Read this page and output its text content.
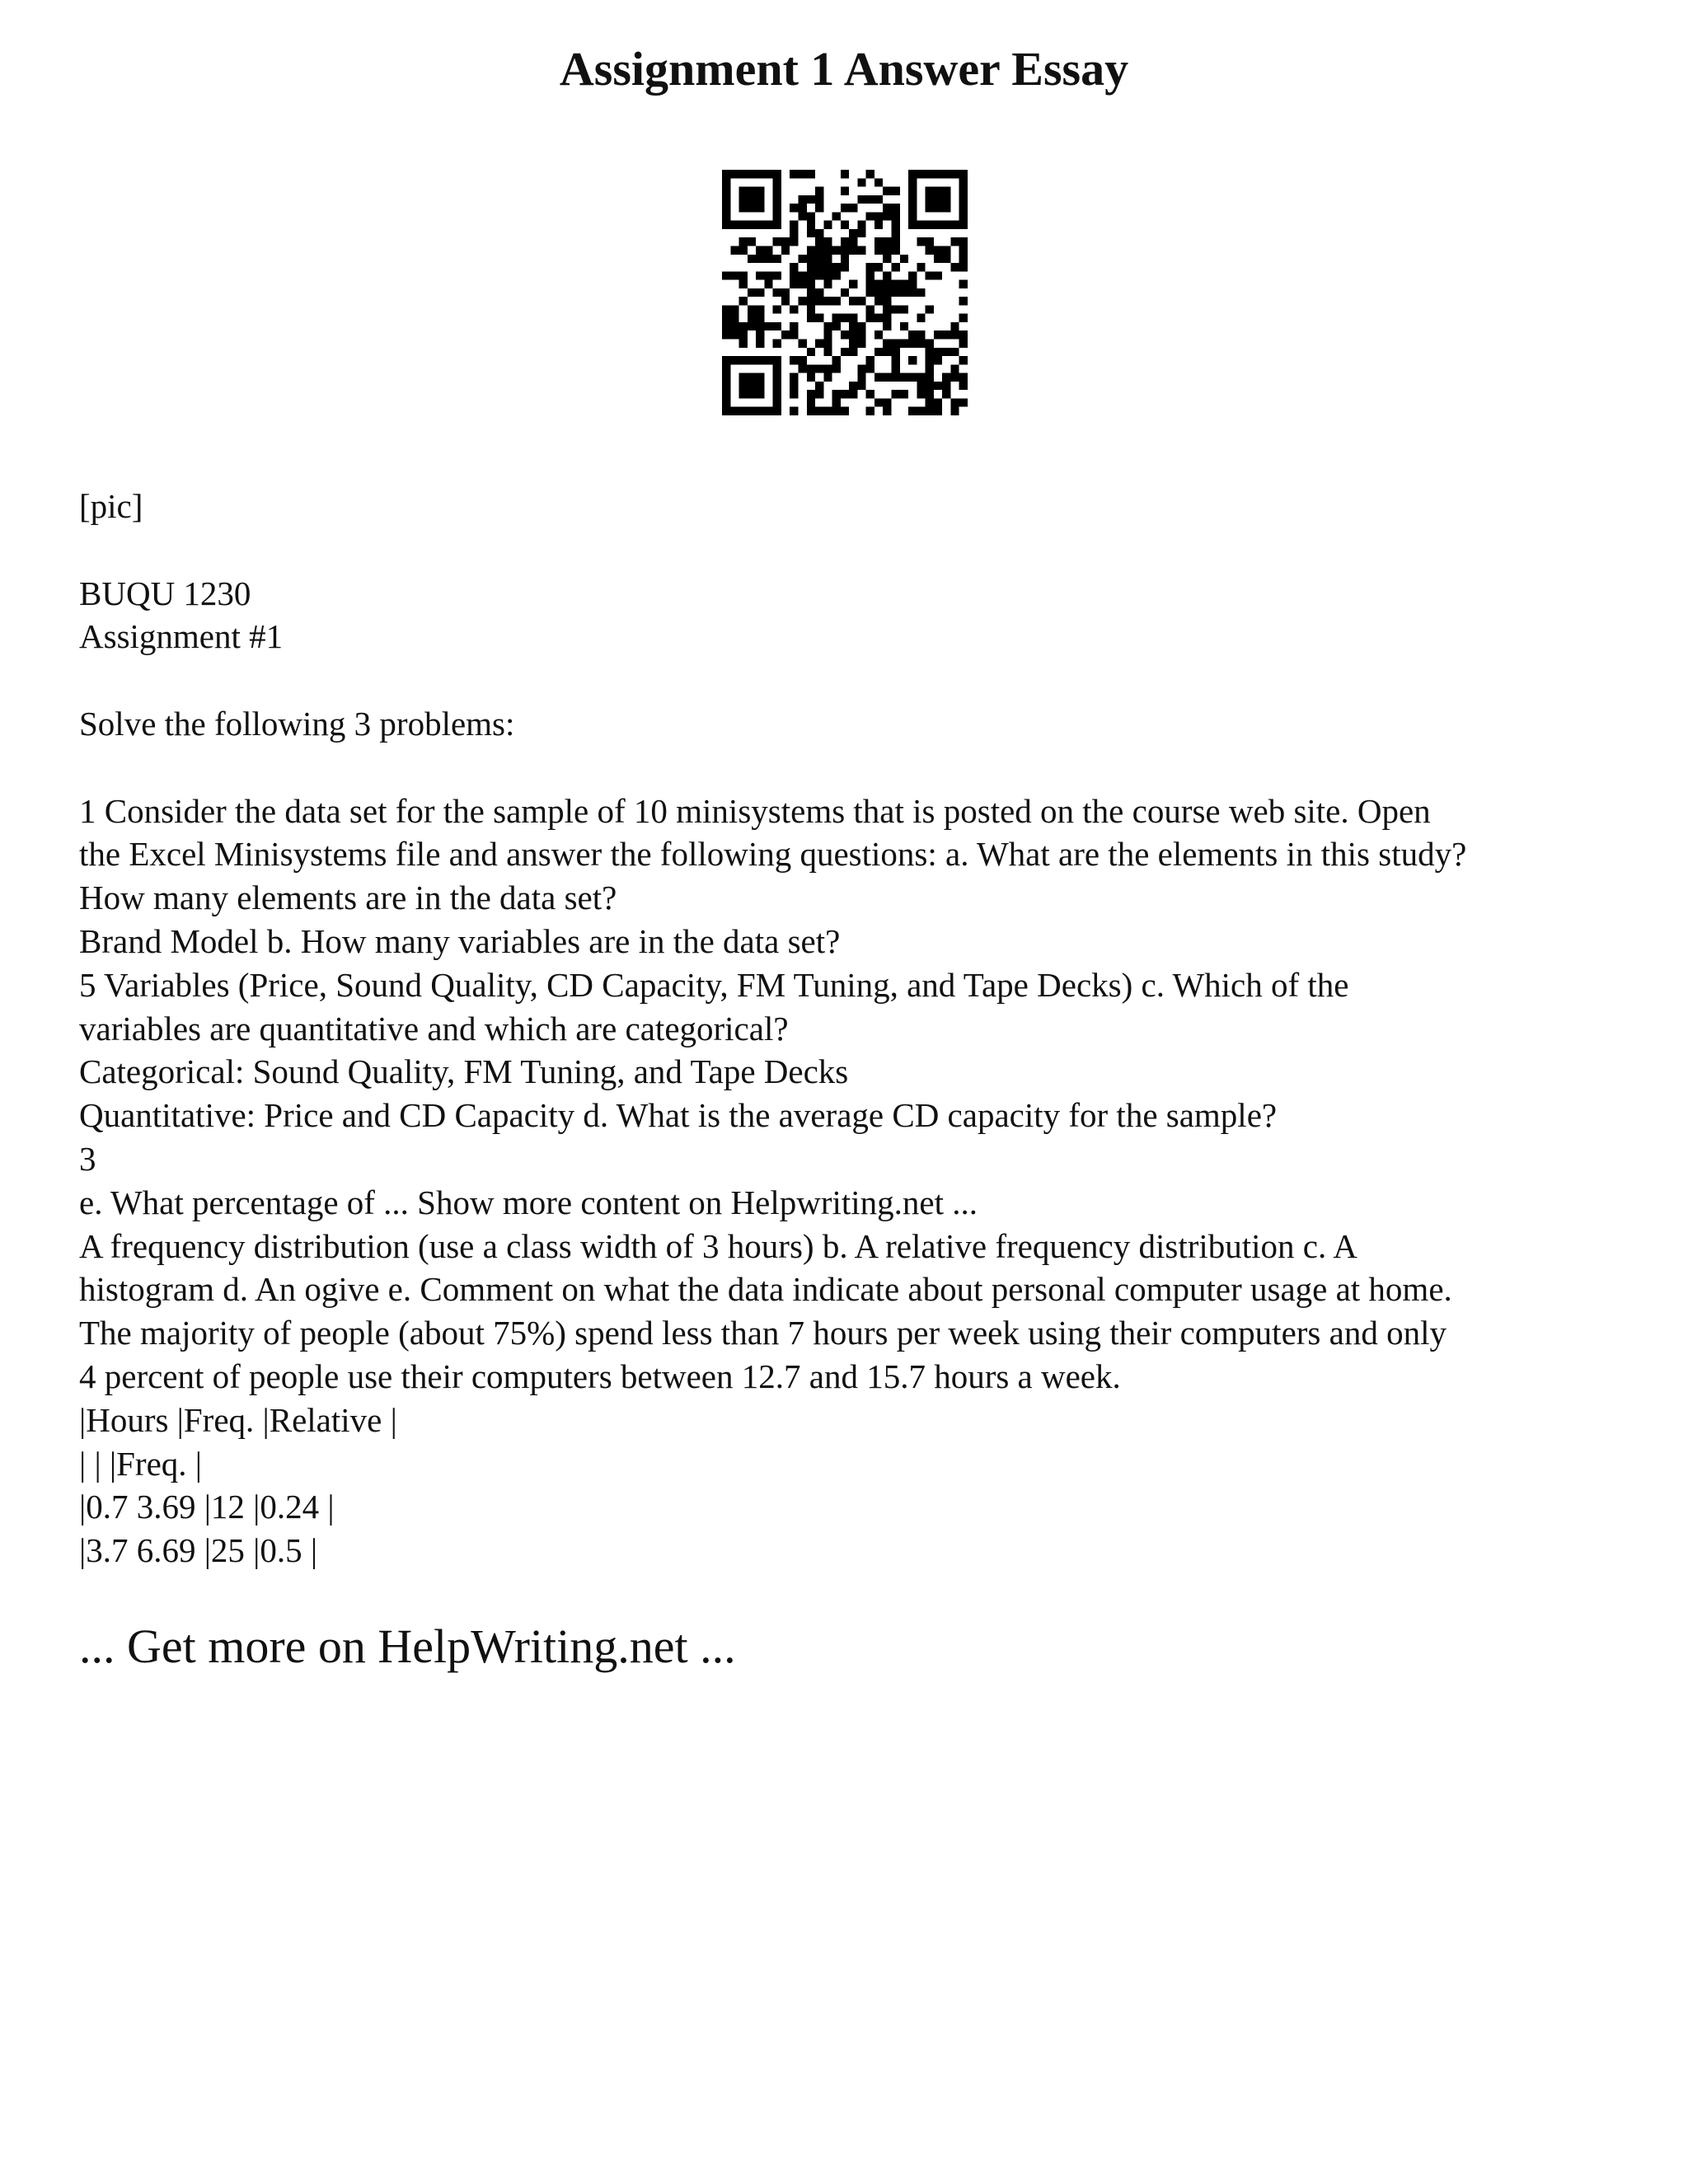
Assignment 1 Answer Essay
[pic]
BUQU 1230
Assignment #1
Solve the following 3 problems:
1 Consider the data set for the sample of 10 minisystems that is posted on the course web site. Open
the Excel Minisystems file and answer the following questions: a. What are the elements in this study?
How many elements are in the data set?
Brand Model b. How many variables are in the data set?
5 Variables (Price, Sound Quality, CD Capacity, FM Tuning, and Tape Decks) c. Which of the
variables are quantitative and which are categorical?
Categorical: Sound Quality, FM Tuning, and Tape Decks
Quantitative: Price and CD Capacity d. What is the average CD capacity for the sample?
3
e. What percentage of ... Show more content on Helpwriting.net ...
A frequency distribution (use a class width of 3 hours) b. A relative frequency distribution c. A
histogram d. An ogive e. Comment on what the data indicate about personal computer usage at home.
The majority of people (about 75%) spend less than 7 hours per week using their computers and only
4 percent of people use their computers between 12.7 and 15.7 hours a week.
|Hours |Freq. |Relative |
| | |Freq. |
|0.7 3.69 |12 |0.24 |
|3.7 6.69 |25 |0.5 |
... Get more on HelpWriting.net ...
